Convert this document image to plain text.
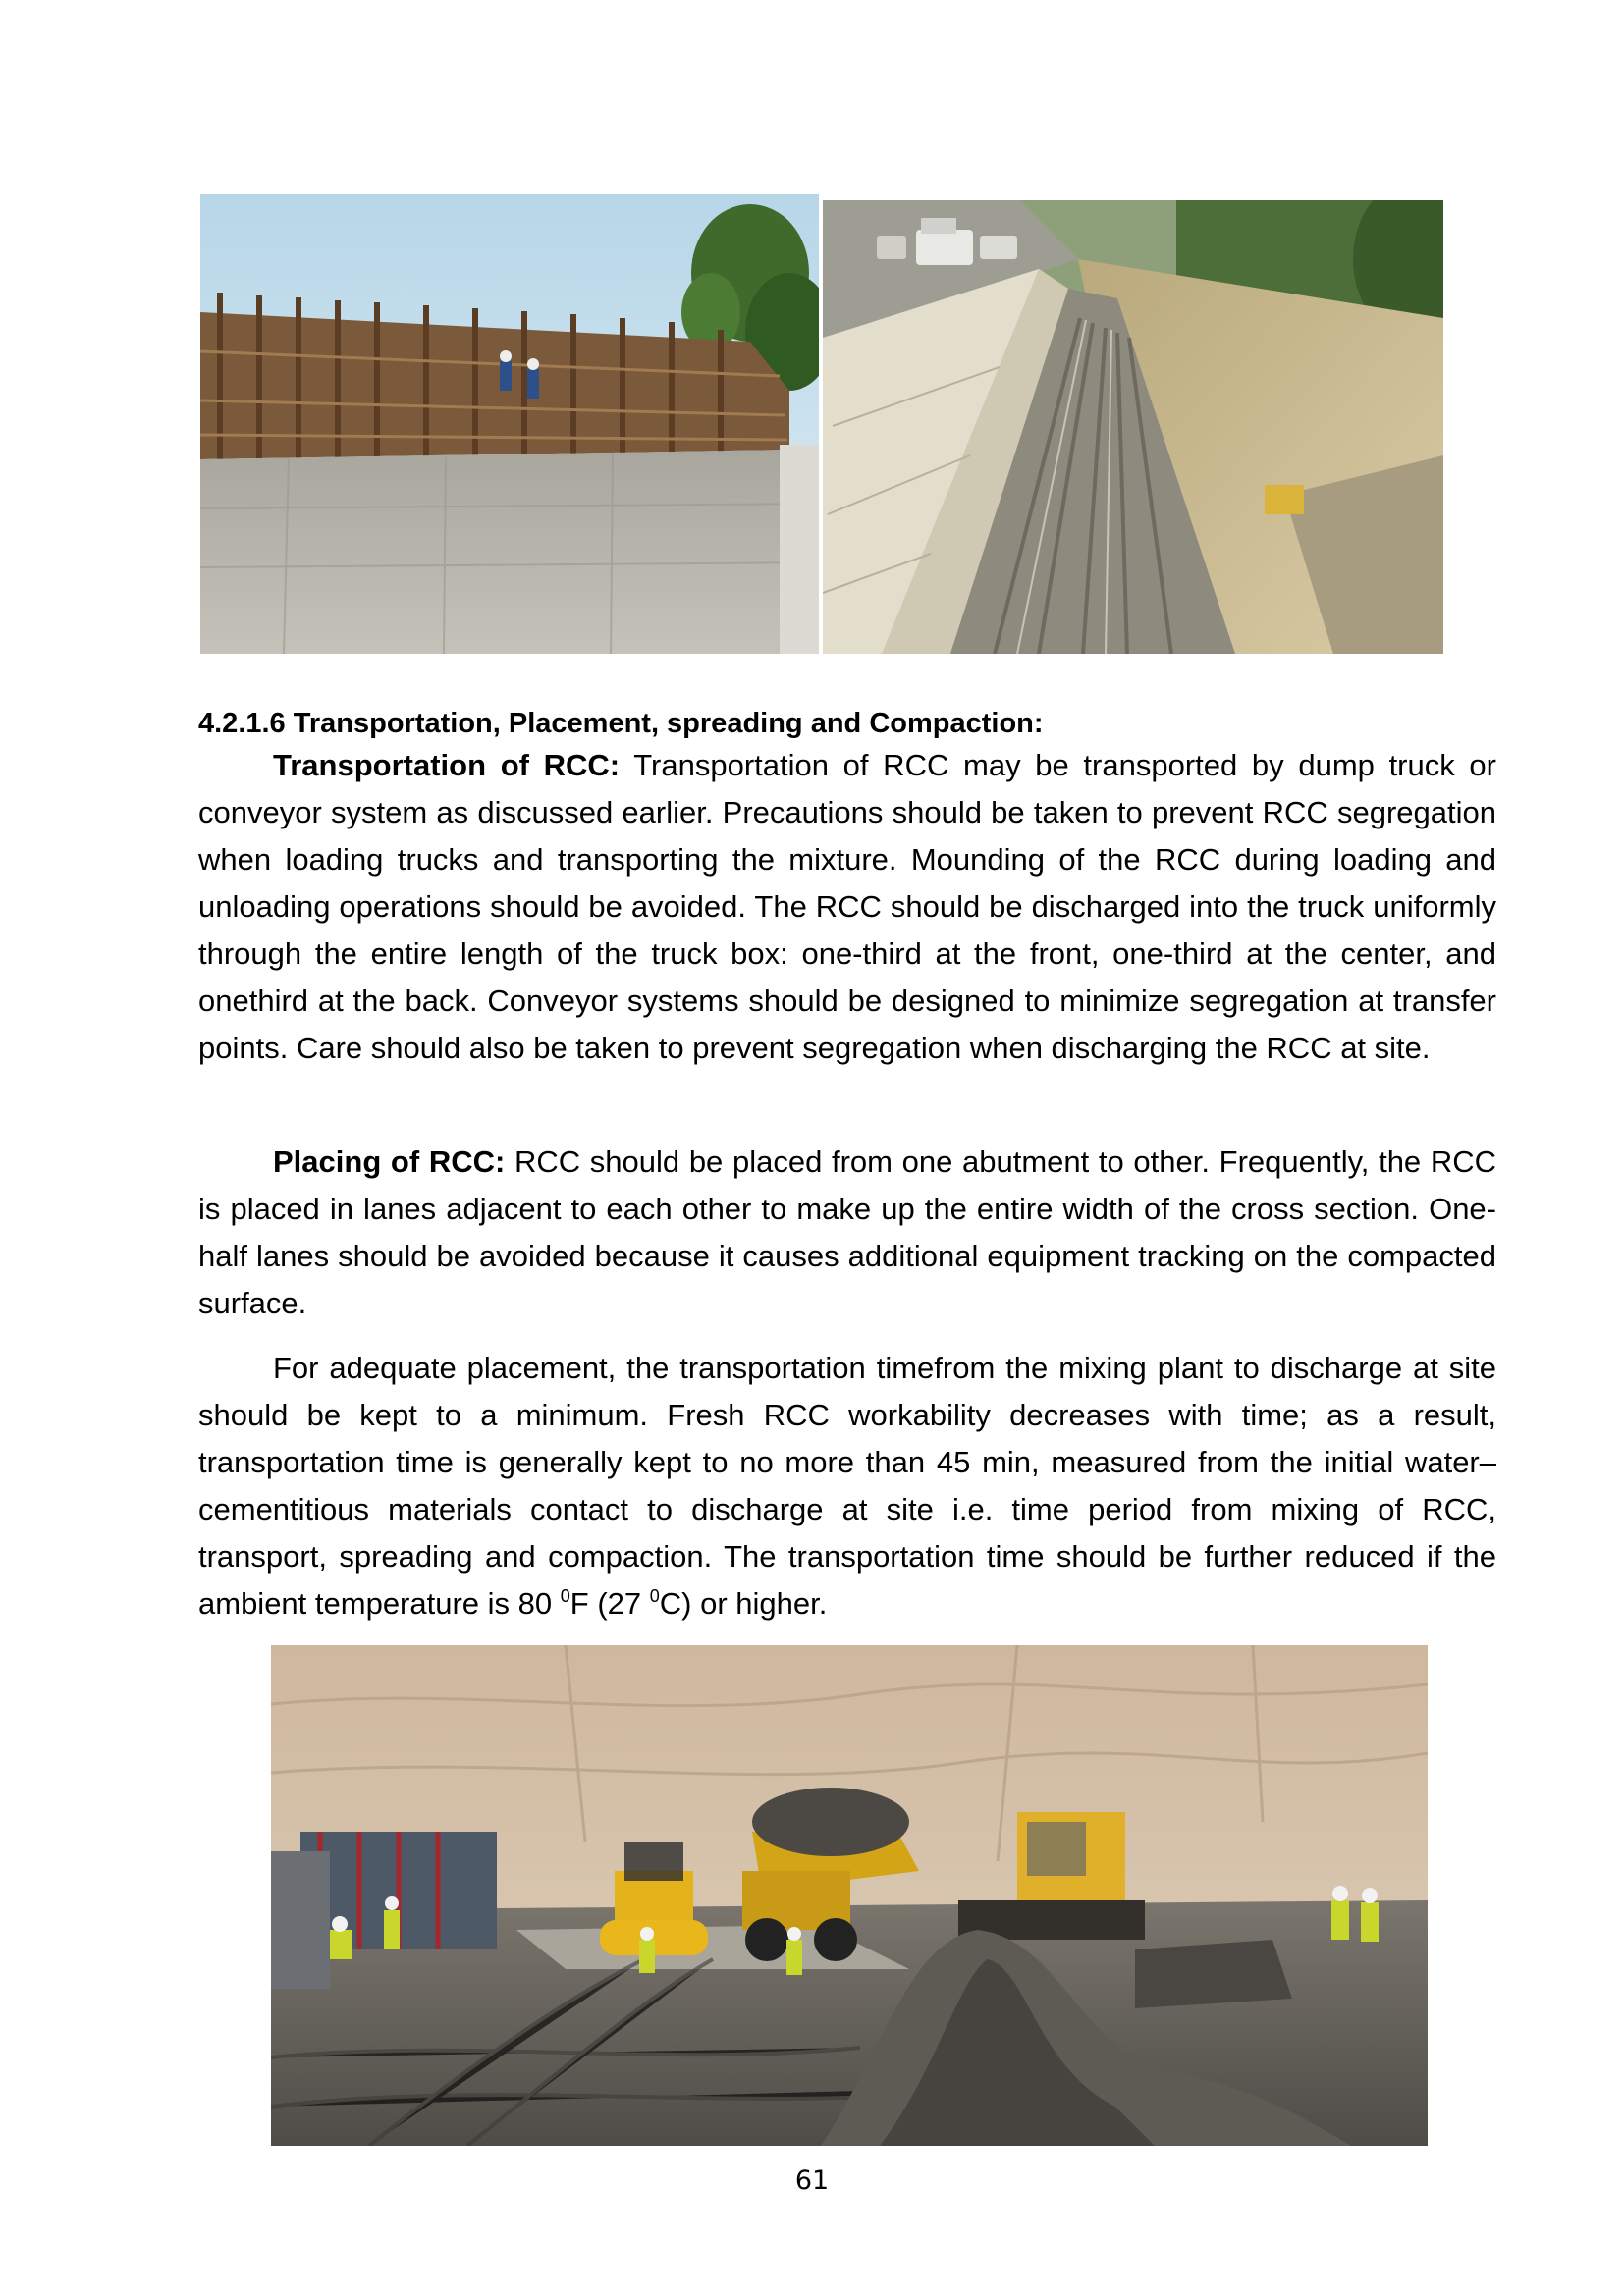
4.2.1.6 Transportation, Placement, spreading and Compaction:

Transportation of RCC: Transportation of RCC may be transported by dump truck or conveyor system as discussed earlier. Precautions should be taken to prevent RCC segregation when loading trucks and transporting the mixture. Mounding of the RCC during loading and unloading operations should be avoided. The RCC should be discharged into the truck uniformly through the entire length of the truck box: one-third at the front, one-third at the center, and onethird at the back. Conveyor systems should be designed to minimize segregation at transfer points. Care should also be taken to prevent segregation when discharging the RCC at site.

Placing of RCC: RCC should be placed from one abutment to other. Frequently, the RCC is placed in lanes adjacent to each other to make up the entire width of the cross section. One-half lanes should be avoided because it causes additional equipment tracking on the compacted surface.

For adequate placement, the transportation timefrom the mixing plant to discharge at site should be kept to a minimum. Fresh RCC workability decreases with time; as a result, transportation time is generally kept to no more than 45 min, measured from the initial water–cementitious materials contact to discharge at site i.e. time period from mixing of RCC, transport, spreading and compaction. The transportation time should be further reduced if the ambient temperature is 80 $^0$F (27 $^0$C) or higher.

61
